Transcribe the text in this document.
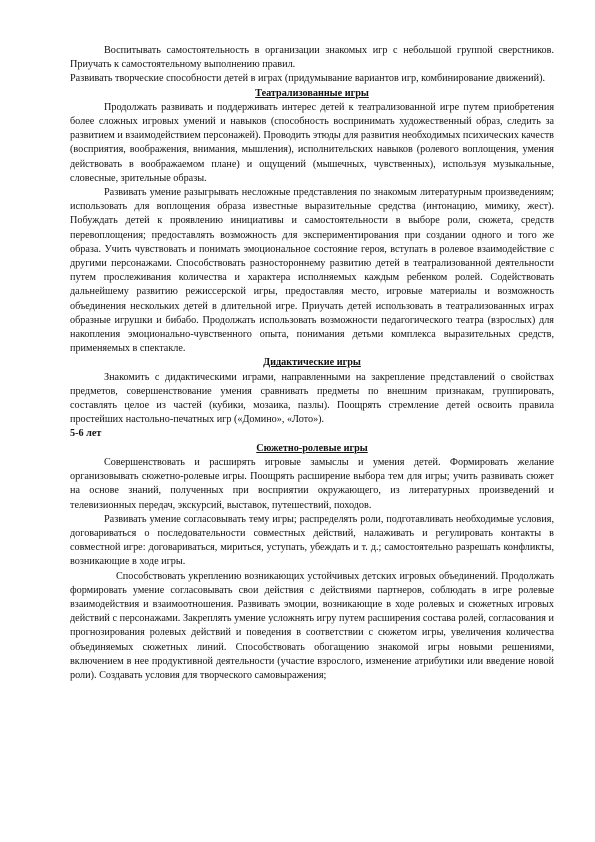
Воспитывать самостоятельность в организации знакомых игр с небольшой группой сверстников. Приучать к самостоятельному выполнению правил.

Развивать творческие способности детей в играх (придумывание вариантов игр, комбинирование движений).

Театрализованные игры

Продолжать развивать и поддерживать интерес детей к театрализованной игре путем приобретения более сложных игровых умений и навыков (способность воспринимать художественный образ, следить за развитием и взаимодействием персонажей). Проводить этюды для развития необходимых психических качеств (восприятия, воображения, внимания, мышления), исполнительских навыков (ролевого воплощения, умения действовать в воображаемом плане) и ощущений (мышечных, чувственных), используя музыкальные, словесные, зрительные образы.

Развивать умение разыгрывать несложные представления по знакомым литературным произведениям; использовать для воплощения образа известные выразительные средства (интонацию, мимику, жест). Побуждать детей к проявлению инициативы и самостоятельности в выборе роли, сюжета, средств перевоплощения; предоставлять возможность для экспериментирования при создании одного и того же образа. Учить чувствовать и понимать эмоциональное состояние героя, вступать в ролевое взаимодействие с другими персонажами. Способствовать разностороннему развитию детей в театрализованной деятельности путем прослеживания количества и характера исполняемых каждым ребенком ролей. Содействовать дальнейшему развитию режиссерской игры, предоставляя место, игровые материалы и возможность объединения нескольких детей в длительной игре. Приучать детей использовать в театрализованных играх образные игрушки и бибабо. Продолжать использовать возможности педагогического театра (взрослых) для накопления эмоционально-чувственного опыта, понимания детьми комплекса выразительных средств, применяемых в спектакле.

Дидактические игры

Знакомить с дидактическими играми, направленными на закрепление представлений о свойствах предметов, совершенствование умения сравнивать предметы по внешним признакам, группировать, составлять целое из частей (кубики, мозаика, пазлы). Поощрять стремление детей освоить правила простейших настольно-печатных игр («Домино», «Лото»).

5-6 лет
Сюжетно-ролевые игры

Совершенствовать и расширять игровые замыслы и умения детей. Формировать желание организовывать сюжетно-ролевые игры. Поощрять расширение выбора тем для игры; учить развивать сюжет на основе знаний, полученных при восприятии окружающего, из литературных произведений и телевизионных передач, экскурсий, выставок, путешествий, походов.

Развивать умение согласовывать тему игры; распределять роли, подготавливать необходимые условия, договариваться о последовательности совместных действий, налаживать и регулировать контакты в совместной игре: договариваться, мириться, уступать, убеждать и т. д.; самостоятельно разрешать конфликты, возникающие в ходе игры.

Способствовать укреплению возникающих устойчивых детских игровых объединений. Продолжать формировать умение согласовывать свои действия с действиями партнеров, соблюдать в игре ролевые взаимодействия и взаимоотношения. Развивать эмоции, возникающие в ходе ролевых и сюжетных игровых действий с персонажами. Закреплять умение усложнять игру путем расширения состава ролей, согласования и прогнозирования ролевых действий и поведения в соответствии с сюжетом игры, увеличения количества объединяемых сюжетных линий. Способствовать обогащению знакомой игры новыми решениями, включением в нее продуктивной деятельности (участие взрослого, изменение атрибутики или введение новой роли). Создавать условия для творческого самовыражения;
